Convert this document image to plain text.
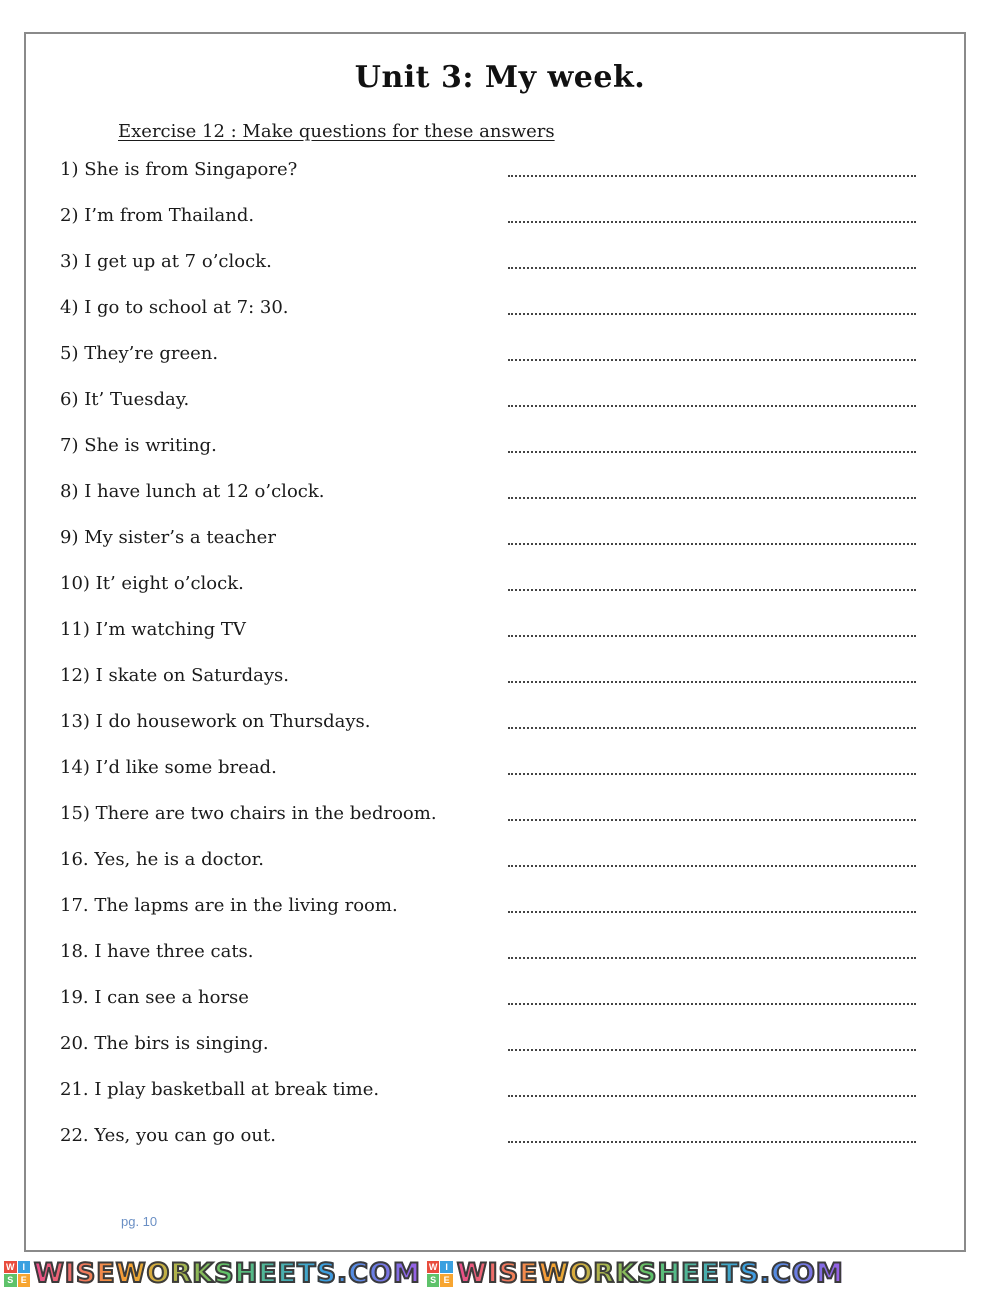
Unit 3: My week.
Exercise 12 : Make questions for these answers
1) She is from Singapore?
2) I’m from Thailand.
3) I get up at 7 o’clock.
4) I go to school at 7: 30.
5) They’re green.
6) It’ Tuesday.
7) She is writing.
8) I have lunch at 12 o’clock.
9) My sister’s a teacher
10) It’ eight o’clock.
11) I’m watching TV
12) I skate on Saturdays.
13) I do housework on Thursdays.
14) I’d like some bread.
15) There are two chairs in the bedroom.
16. Yes, he is a doctor.
17. The lapms are in the living room.
18. I have three cats.
19. I can see a horse
20. The birs is singing.
21. I play basketball at break time.
22. Yes, you can go out.
pg. 10
W I
S E WISEWORKSHEETS.COM W I
S E WISEWORKSHEETS.COM
